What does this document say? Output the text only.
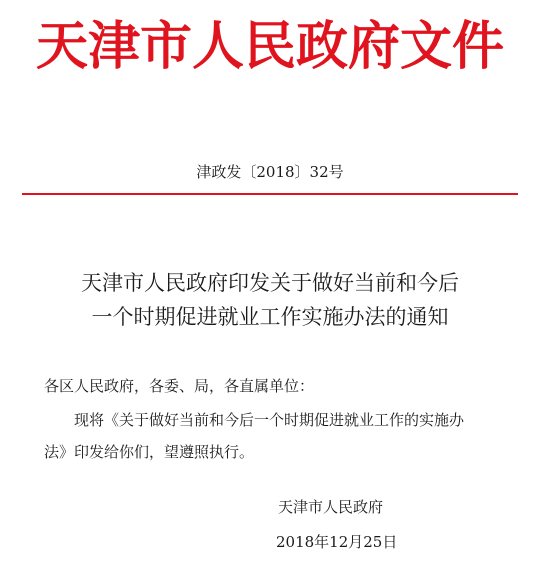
天津市人民政府文件
津政发〔2018〕32号
天津市人民政府印发关于做好当前和今后
一个时期促进就业工作实施办法的通知
各区人民政府，各委、局，各直属单位：
现将《关于做好当前和今后一个时期促进就业工作的实施办
法》印发给你们，望遵照执行。
天津市人民政府
2018年12月25日
